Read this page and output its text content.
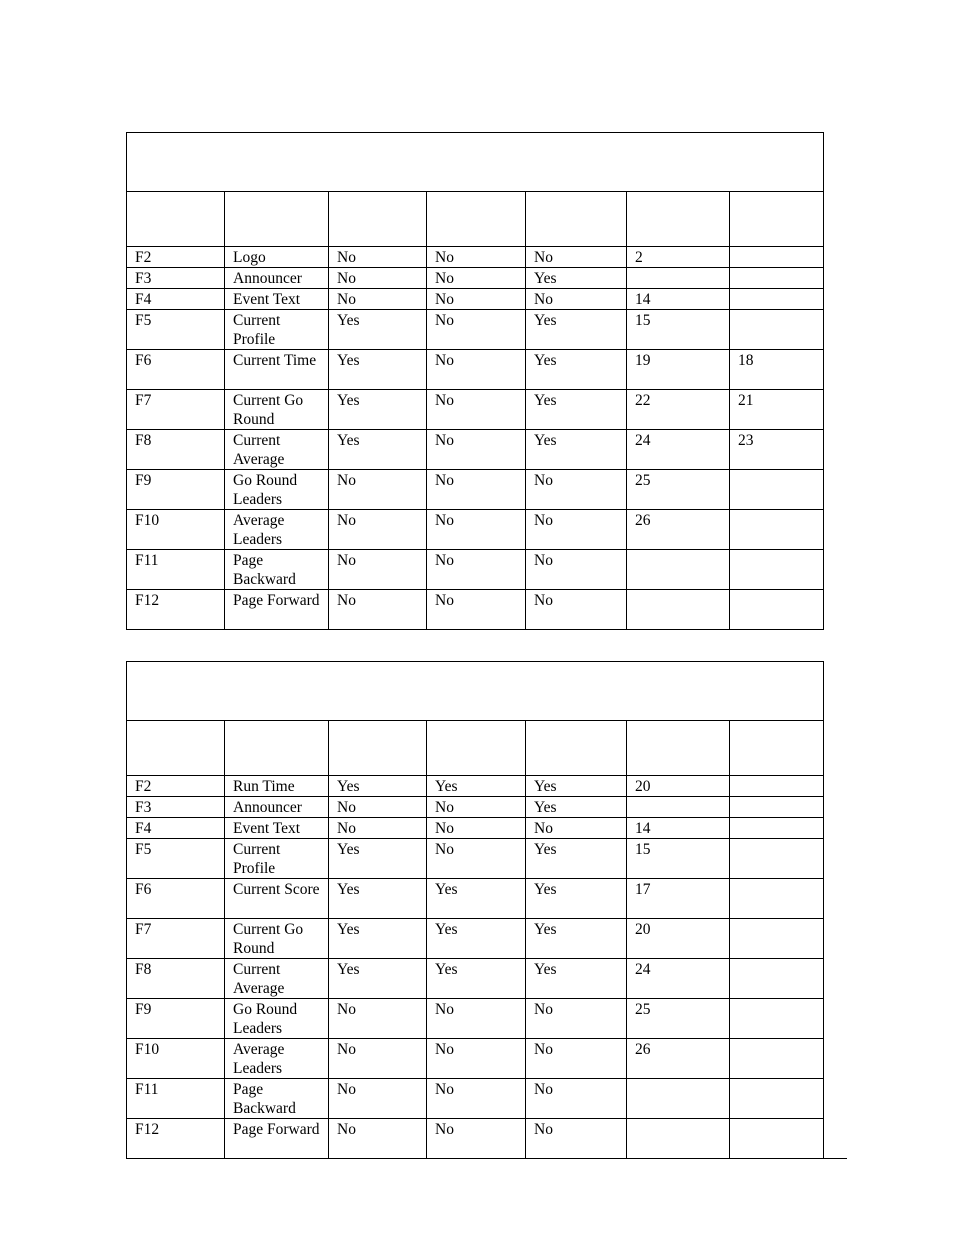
F2	Logo	No	No	No	2	
F3	Announcer	No	No	Yes		
F4	Event Text	No	No	No	14	
F5	Current Profile	Yes	No	Yes	15	
F6	Current Time	Yes	No	Yes	19	18
F7	Current Go Round	Yes	No	Yes	22	21
F8	Current Average	Yes	No	Yes	24	23
F9	Go Round Leaders	No	No	No	25	
F10	Average Leaders	No	No	No	26	
F11	Page Backward	No	No	No		
F12	Page Forward	No	No	No		

F2	Run Time	Yes	Yes	Yes	20	
F3	Announcer	No	No	Yes		
F4	Event Text	No	No	No	14	
F5	Current Profile	Yes	No	Yes	15	
F6	Current Score	Yes	Yes	Yes	17	
F7	Current Go Round	Yes	Yes	Yes	20	
F8	Current Average	Yes	Yes	Yes	24	
F9	Go Round Leaders	No	No	No	25	
F10	Average Leaders	No	No	No	26	
F11	Page Backward	No	No	No		
F12	Page Forward	No	No	No		
